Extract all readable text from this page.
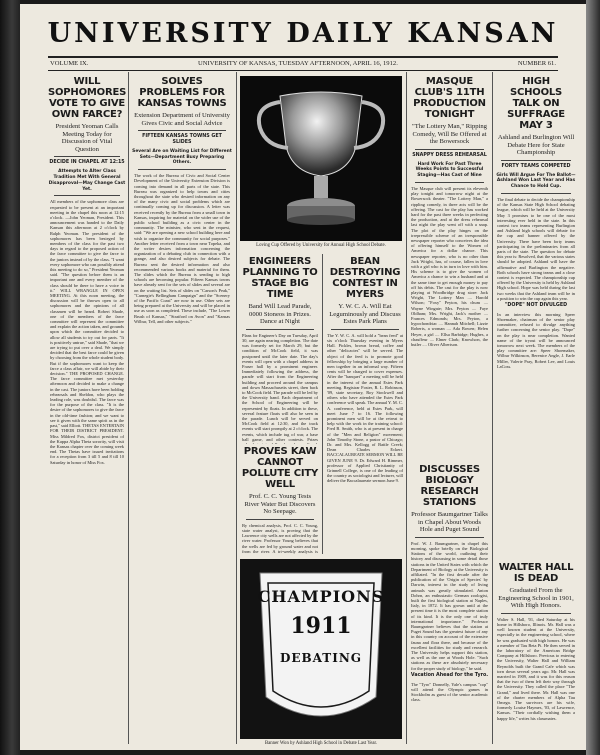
UNIVERSITY DAILY KANSAN
VOLUME IX.	UNIVERSITY OF KANSAS, TUESDAY AFTERNOON, APRIL 16, 1912.	NUMBER 61.
WILL SOPHOMORES VOTE TO GIVE OWN FARCE?
President Yeoman Calls Meeting Today for Discussion of Vital Question
DECIDE IN CHAPEL AT 12:15
Attempts to Alter Class Tradition Met With General Disapproval—May Change Cast Yet.
All members of the sophomore class are requested to be present at an important meeting in the chapel this noon at 12:15 o'clock. —John Yeoman, President. This announcement was handed to the Daily Kansan this afternoon at 2 o'clock by Ralph Yeoman. The president of the sophomores has been besieged by members of the class for the past two days in regard to the proposed action of the farce committee to give the farce to the juniors instead of by the class. "I want every sophomore who can possibly attend this meeting to do so," President Yeoman said. "The question before them is an important one and every member of the class should be there to have a voice in it." WILL WRANGLE IN OPEN MEETING. At this noon meeting, the discussion will be thrown open to all sophomores and the opinions of all classmen will be heard. Robert Shade, one of the members of the farce committee will represent the committee and explain the action taken, and grounds upon which the committee decided to allow all students to try out for parts. "It is positively untrue," said Shade, "that we are trying to put over a deal. We simply decided that the best farce could be given by choosing from the whole student body. But if the sophomores want to keep the farce a class affair, we will abide by their decision." THE PROPOSED CHANGE. The farce committee met yesterday afternoon and decided to make a change in the cast. The juniors have been holding rehearsals and Sheldon, who plays the leading role, was doubtful. The farce was for the purpose of the class. "It is the desire of the sophomores to give the farce in the old-time fashion; and we want to see it given with the same spirit as in the past," said Elliott. THETAS ENTERTAIN FOR THEIR DISTRICT PRESIDENT. Miss Mildred Fox, district president of the Kappa Alpha Theta sorority, will visit the Kansas chapter over the coming week end. The Thetas have issued invitations for a reception from 3 till 5 and 8 till 10 Saturday in honor of Miss Fox.
SOLVES PROBLEMS FOR KANSAS TOWNS
Extension Department of University Gives Civic and Social Advice
FIFTEEN KANSAS TOWNS GET SLIDES
Several Are on Waiting List for Different Sets—Department Busy Preparing Others.
The work of the Bureau of Civic and Social Center Development of the University Extension Division is coming into demand in all parts of the state. This Bureau was organized to help towns and cities throughout the state who desired information on any of the many civic and social problems which are continually coming up for discussion. A letter was received recently by the Bureau from a small town in Kansas, inquiring for material on the wider use of the public school building as a civic center in the community. The minister, who sent in the request, said: "We are opening a new school building here and wish to organize the community for social purposes." Another letter received from a town near Topeka, and the writer desires information concerning the organization of a debating club in connection with a grange, and also desired subjects for debate. The Bureau sent the desired information and also recommended various books and material for them. The slides which the Bureau is sending to high schools are becoming popular. Fifteen Kansas towns have already sent for the sets of slides and several are on the waiting list. Sets of slides on "Carson's Peak," "Carnegie's Bellingham Campaign" and the "Scenery of the Pacific Coast" are now in use. Other sets are being prepared at the University and will be placed in use as soon as completed. These include, "The Lower Brush of Kansas," "Stratford on Avon" and "Kansas Wilbur, Tell, and other subjects."
Loving Cup Offered by University for Annual High School Debate.
ENGINEERS PLANNING TO STAGE BIG TIME
Band Will Lead Parade, 0000 Stoneos in Prizes. Dance at Night
Plans for Engineer's Day on Tuesday, April 30, are again nearing completion. The date was formerly set for March 29, but the condition of McCook field, it was postponed until the later date. The day's events will open with a chapel address in Fraser hall by a prominent engineer. Immediately following the address, the parade will start from the Engineering building and proceed around the campus and down Massachusetts street, then back to McCook field. The parade will be led by the University band. Each department of the School of Engineering will be represented by floats. In addition to these, several feature floats will also be seen in the parade. Lunch will be served on McCook field at 12:30, and the track events will start promptly at 2 o'clock. The events, which include tug of war, a base ball game, and other contests. Prizes
BEAN DESTROYING CONTEST IN MYERS
Y. W. C. A. Will Eat Leguminously and Discuss Estes Park Plans
The Y. W. C. A. will hold a "bean feed" at six o'clock Thursday evening in Myers Hall. Pickles, brown bread, coffee and other "delicacies" will be served. The object of the feed is to promote good fellowship by bringing a large number of men together in an informal way. Fifteen cents will be charged to cover expenses. After the "banquet" a meeting will be held in the interest of the annual Estes Park meeting. Registrar Foster, R. L. Robinson, '09, state secretary, Roy Stockwell and others who have attended the Estes Park conference will speak. The annual Y. M. C. A. conference, held at Estes Park, will meet June 7 to 16. The following prominent men will be at the retreat to help with the work in the training school: Fred B. Smith, who is at present in charge of the "Men and Religion" movement; John Timothy Stone, a pastor of Chicago; Dr. and Mrs. Kellogg of Battle Creek; Dean Charles Eckert. BACCALAUREATE SERMON WILL BE GIVEN JUNE 9. Dr. Edward H. Rimmer, professor of Applied Christianity of Grinnell College, is one of the leading of the country as sociologist and lecturer, will deliver the Baccalaureate sermon June 9.
PROVES KAW CANNOT POLLUTE CITY WELL
Prof. C. C. Young Tests River Water But Discovers No Seepage.
By chemical analysis, Prof. C. C. Young, state water analyst, is proving that the Lawrence city wells are not affected by the river water. Professor Young believes that the wells are fed by ground water and not from the river. A tri-weekly analysis is
CHAMPIONS
1911
DEBATING
Banner Won by Ashland High School in Debate Last Year.
MASQUE CLUB'S 11TH PRODUCTION TONIGHT
"The Lottery Man," Ripping Comedy, Will Be Offered at the Bowersock
SNAPPY DRESS REHEARSAL
Hard Work For Past Three Weeks Points to Successful Staging—Has Cast of Nine
The Masque club will present its eleventh play tonight and tomorrow night at the Bowersock theater. "The Lottery Man," a rippling comedy, in three acts will be the offering. The cast for the play has worked hard for the past three weeks in perfecting the production, and at the dress rehearsal last night the play went off with a snap. The plot of the play hinges on the irrepressible scheme of an irresponsible newspaper reporter who conceives the idea of offering himself to the Women of America for a dollar chance. This newspaper reporter, who is no other than Jack Wright, has, of course, fallen in love with a girl who is in turn in love with him. His scheme is to give the women of America a chance to win a husband and at the same time to get enough money to pay off his debts. The cast for the play is now playing at Woodbridge drug store: Jack Wright, The Lottery Man .... Harold Wilson; "Foxy" Peyton, his chum .... Wayne Wingate; Mrs. Peyton .... Faye Oldham; Mrs. Wright, Jack's mother .... Frances Edmonds; Mrs. Peyton, a hypochondriac .... Hannah Mitchell; Lizzie Roberts, a woman .... Ada Bowen; Helen Heyer, a girl .... Ellsa Barbidge; Hughes, a chauffeur .... Elmer Clark; Knowlson, the butler .... Oliver Albertson.
DISCUSSES BIOLOGY RESEARCH STATIONS
Professor Baumgartner Talks in Chapel About Woods Hole and Puget Sound
Prof. W. J. Baumgartner, in chapel this morning, spoke briefly on the Biological Stations of the world, outlining their history and discussing in some detail those stations in the United States with which the Department of Biology at the University is affiliated. "In the first decade after the publication of the 'Origin of Species' by Darwin, interest in the study of living animals was greatly stimulated. Anton Dohrn, an enthusiastic German zoologist, built the first biological station at Naples, Italy, in 1872. It has grown until at the present time it is the most complete station of its kind. It is the only one of truly international importance." Professor Baumgartner believes that the station at Puget Sound has the greatest future of any in this country on account of the extensive fauna and flora there, and because of the excellent facilities for study and research. The University helps support this station, as well as the one at Woods Hole. "Such stations as these are absolutely necessary for the proper study of biology," he said.
Vacation Ahead for the Tyro.
The "Tyro" Donnelly, Yale's campus "cop" will attend the Olympic games in Stockholm as guest of the senior academic class.
HIGH SCHOOLS TALK ON SUFFRAGE MAY 3
Ashland and Burlington Will Debate Here for State Championship
FORTY TEAMS COMPETED
Girls Will Argue For The Ballot—Ashland Won Last Year and Has Chance to Hold Cup.
The final debate to decide the championship of the Kansas State High School debating league, which will be held at the University May 3 promises to be one of the most interesting ever held in the state. In this contest two teams representing Burlington and Ashland high schools will debate for the cup and banner offered by the University. There have been forty teams participating in the preliminaries from all parts of the state. The question for debate this year is: Resolved, that the various states should be adopted. Ashland will have the affirmative and Burlington the negative. Both schools have strong teams and a close contest is expected. The championship cup offered by the University is held by Ashland High school. Hope was held during the last two weeks that the Ashland team will be in a position to win the cup again this year.
"DOPE" NOT DIVULGED
In an interview this morning Speer Shoemaker, chairman of the senior play committee, refused to divulge anything further concerning the senior play. "Dope" on the play is near completion. Wanted name of the tryout will be announced tomorrow next week. The members of the play committee are: Speer Shoemaker, Wilbur Wilkinson, Berenice Angle, J. Earle Miller, Valerie Pray, Robert Lee, and Louis LaCoss.
WALTER HALL IS DEAD
Graduated From the Engineering School in 1901, With High Honors.
Walter S. Hall, '01, died Saturday at his home in Hillsboro, Illinois. Mr. Hall was a well known student at the University, especially in the engineering school, where he was graduated with high honors. He was a member of Tau Beta Pi. He then served in the laboratory of the American Bridge Company at Hillsboro. Previous to entering the University, Walter Hall and William Reynolds built the Grand Cafe which was torn down several years ago. Mr. Hall was married in 1909, and it was for this reason that the two of them left their way through the University. They called the place "The Grand," and lived there. Mr. Hall was one of the charter members of Alpha Tau Omega. The survivors are his wife, formerly Louise Haymes, '03, of Lawrence, Kansas. "Their cordially wishing them a happy life," writes his classmates.
